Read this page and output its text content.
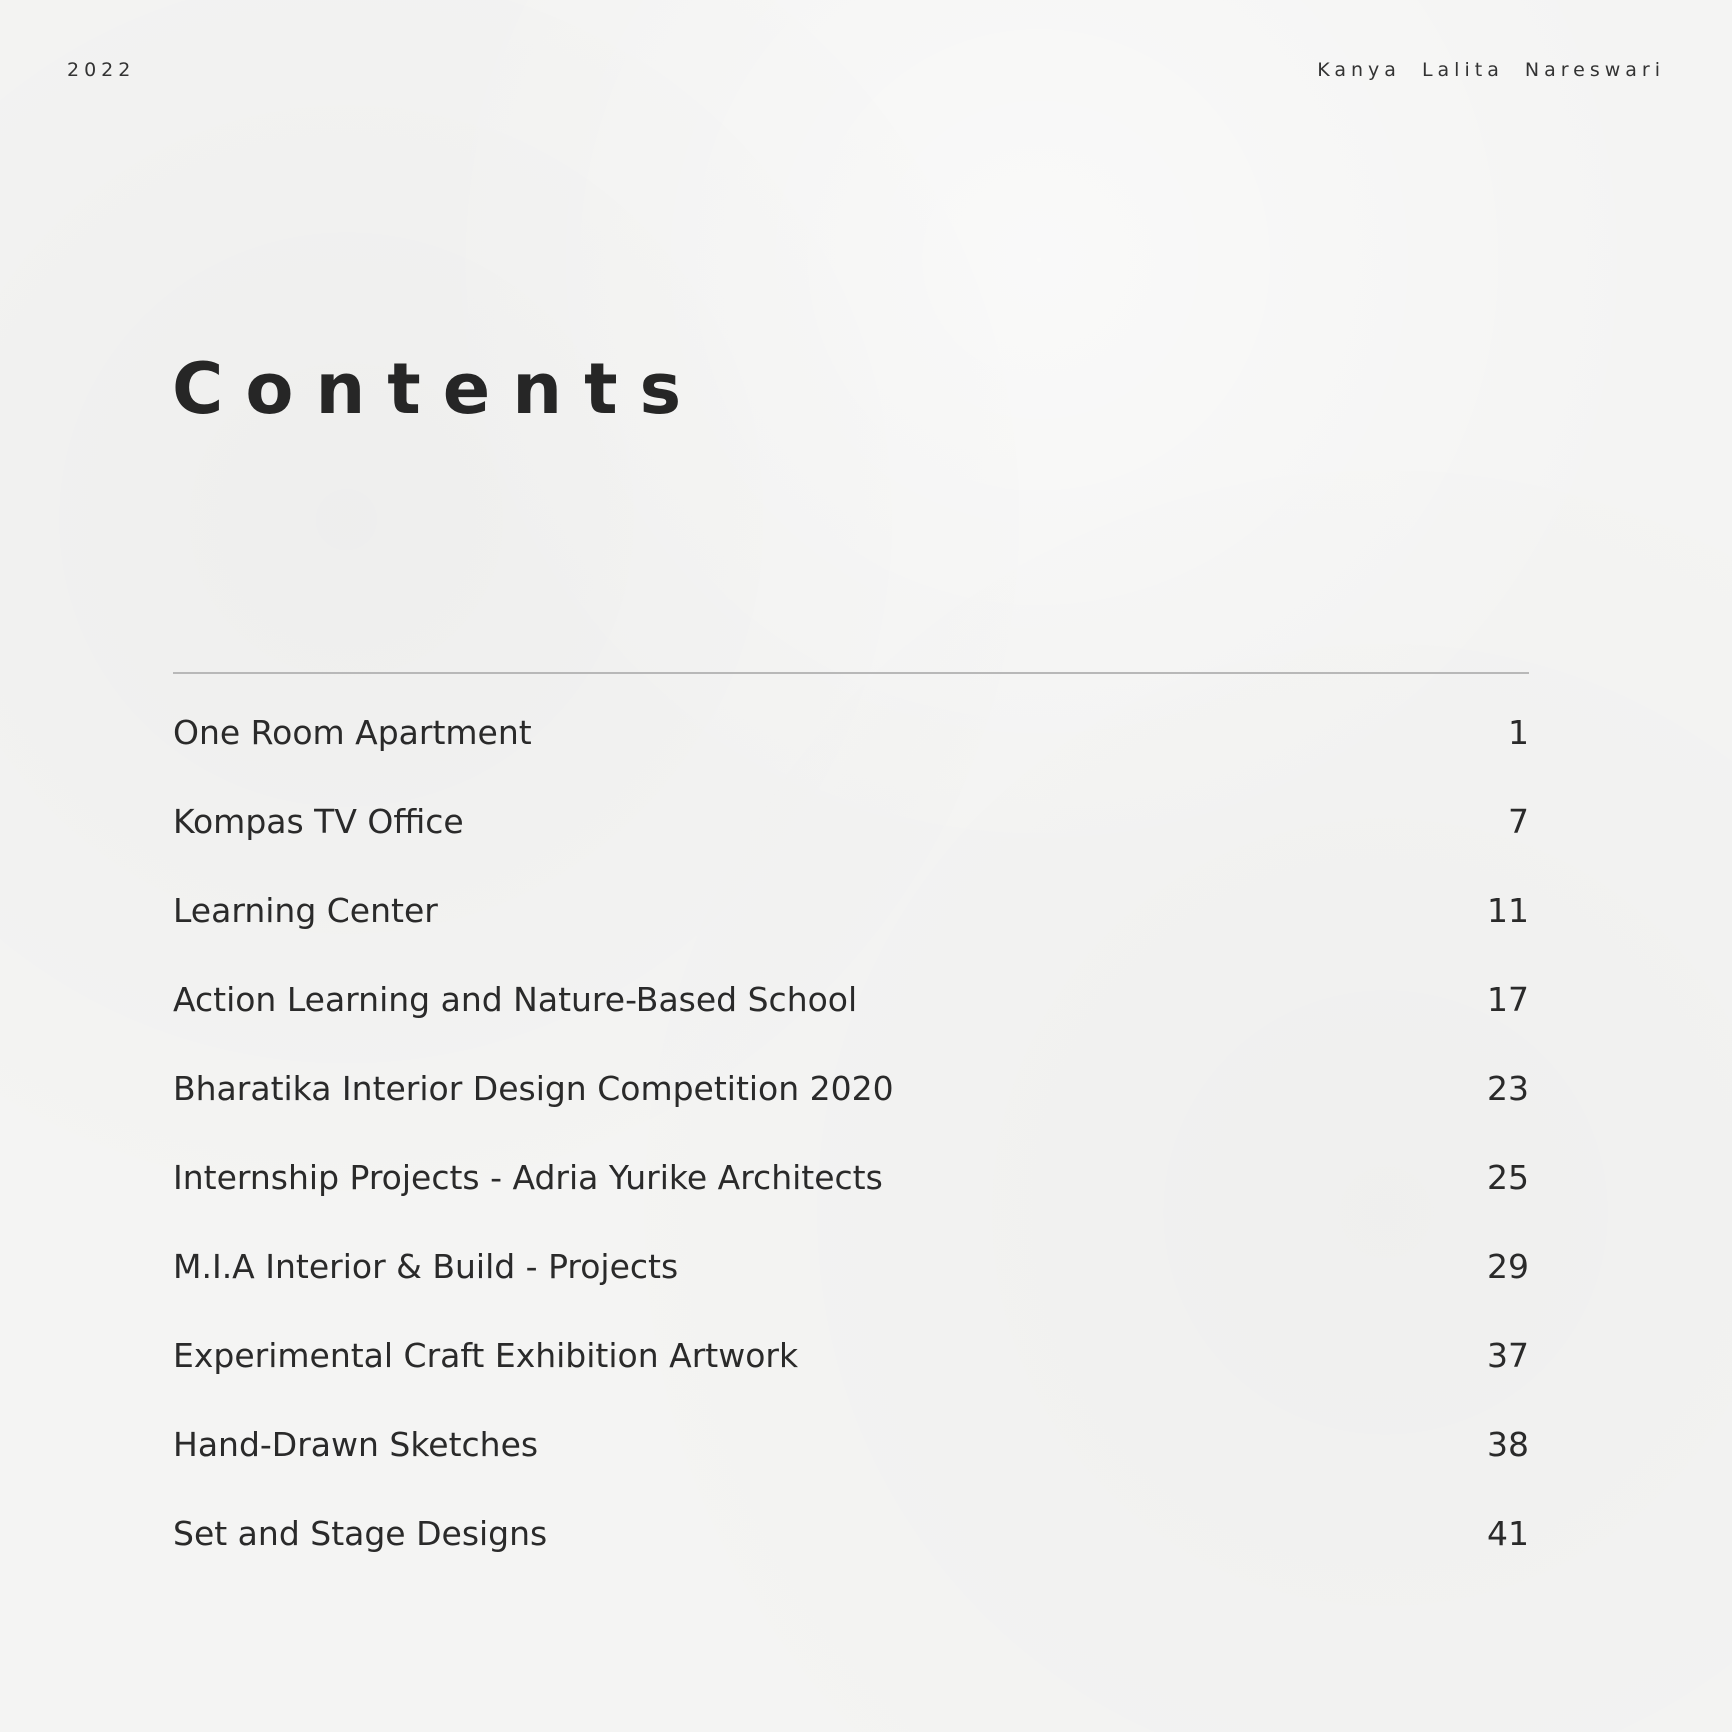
2022	Kanya Lalita Nareswari
Contents
One Room Apartment	1
Kompas TV Office	7
Learning Center	11
Action Learning and Nature-Based School	17
Bharatika Interior Design Competition 2020	23
Internship Projects - Adria Yurike Architects	25
M.I.A Interior & Build - Projects	29
Experimental Craft Exhibition Artwork	37
Hand-Drawn Sketches	38
Set and Stage Designs	41
